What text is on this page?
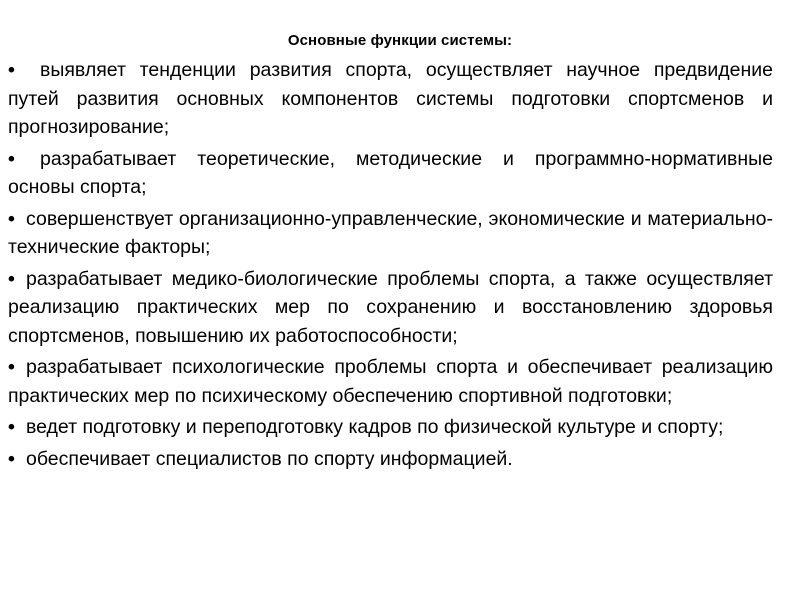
Основные функции системы:
• выявляет тенденции развития спорта, осуществляет научное предвидение путей развития основных компонентов системы подготовки спортсменов и прогнозирование;
• разрабатывает теоретические, методические и программно-нормативные основы спорта;
• совершенствует организационно-управленческие, экономические и материально-технические факторы;
• разрабатывает медико-биологические проблемы спорта, а также осуществляет реализацию практических мер по сохранению и восстановлению здоровья спортсменов, повышению их работоспособности;
• разрабатывает психологические проблемы спорта и обеспечивает реализацию практических мер по психическому обеспечению спортивной подготовки;
• ведет подготовку и переподготовку кадров по физической культуре и спорту;
• обеспечивает специалистов по спорту информацией.
